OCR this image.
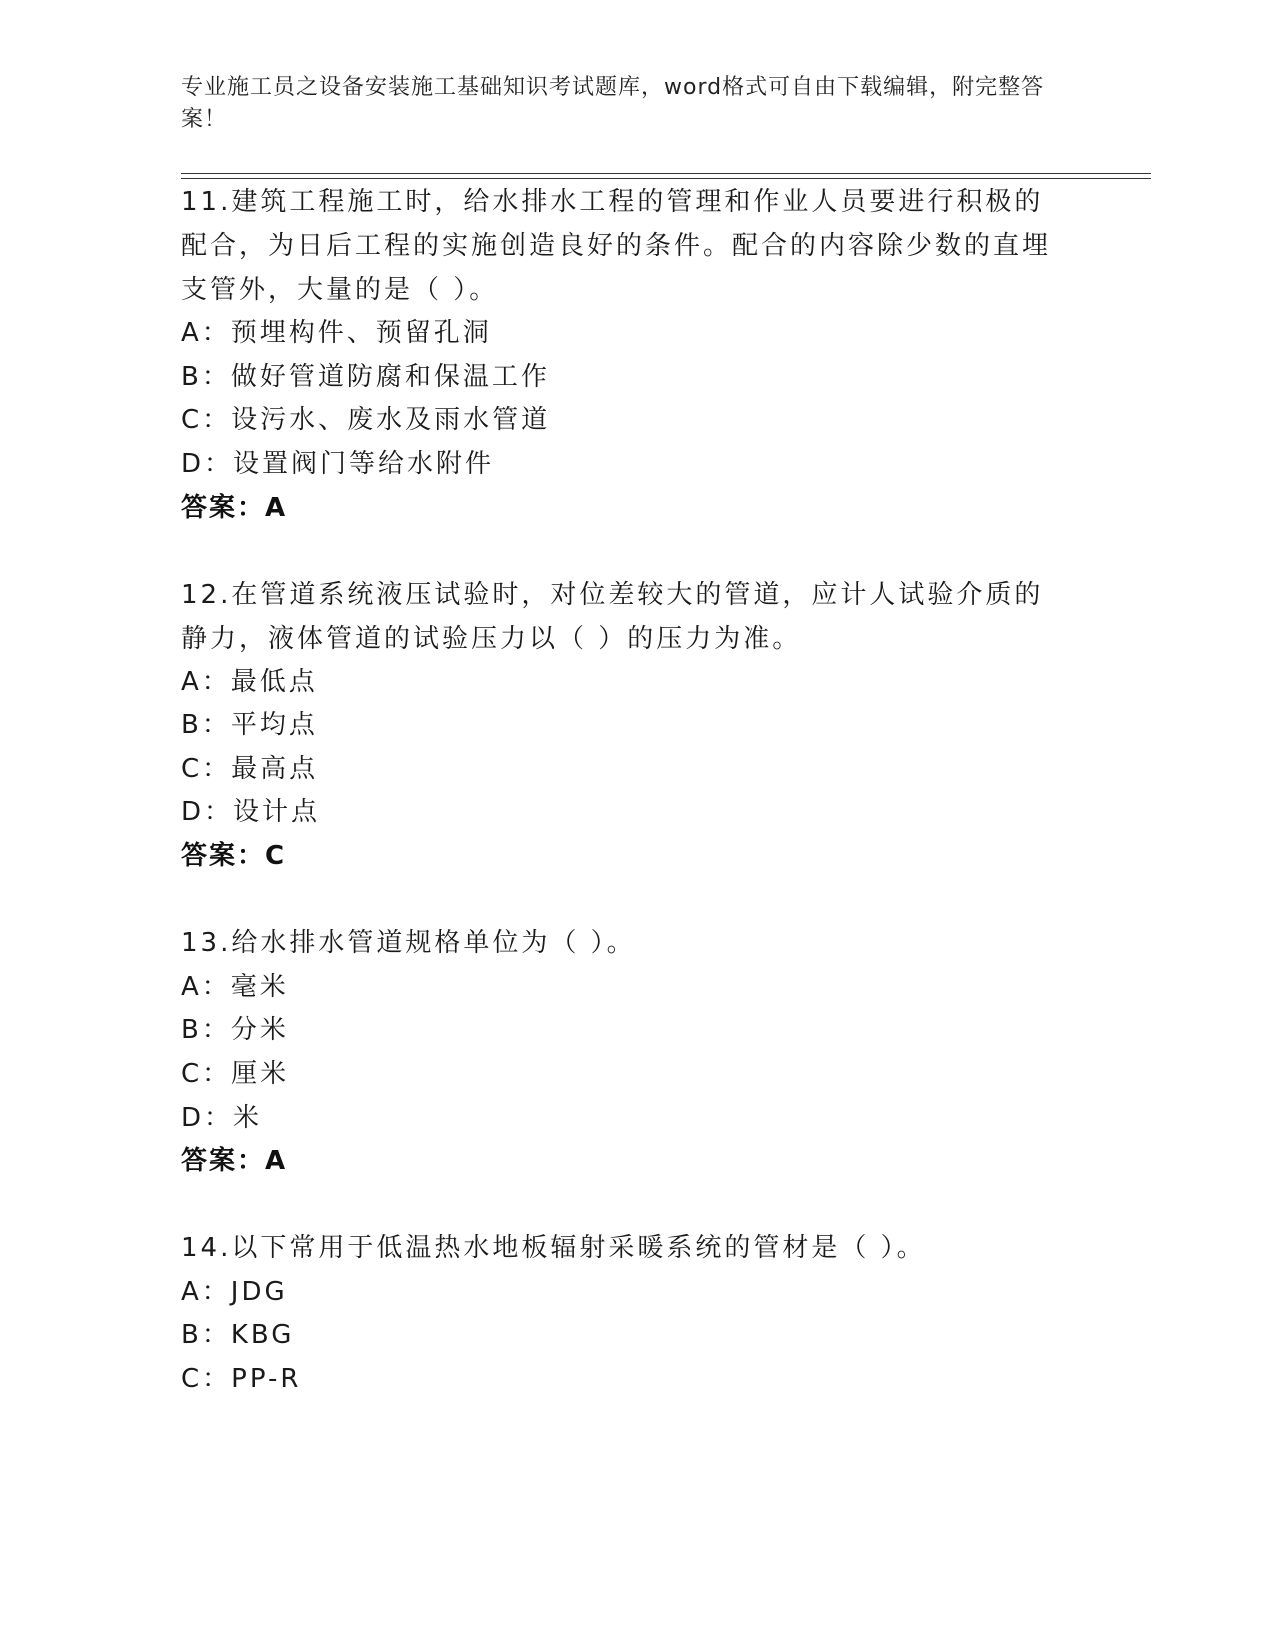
专业施工员之设备安装施工基础知识考试题库，word格式可自由下载编辑，附完整答案！
11.建筑工程施工时，给水排水工程的管理和作业人员要进行积极的配合，为日后工程的实施创造良好的条件。配合的内容除少数的直埋支管外，大量的是（ ）。
A：预埋构件、预留孔洞
B：做好管道防腐和保温工作
C：设污水、废水及雨水管道
D：设置阀门等给水附件
答案：A
12.在管道系统液压试验时，对位差较大的管道，应计人试验介质的静力，液体管道的试验压力以（ ）的压力为准。
A：最低点
B：平均点
C：最高点
D：设计点
答案：C
13.给水排水管道规格单位为（ ）。
A：毫米
B：分米
C：厘米
D：米
答案：A
14.以下常用于低温热水地板辐射采暖系统的管材是（ ）。
A：JDG
B：KBG
C：PP-R
